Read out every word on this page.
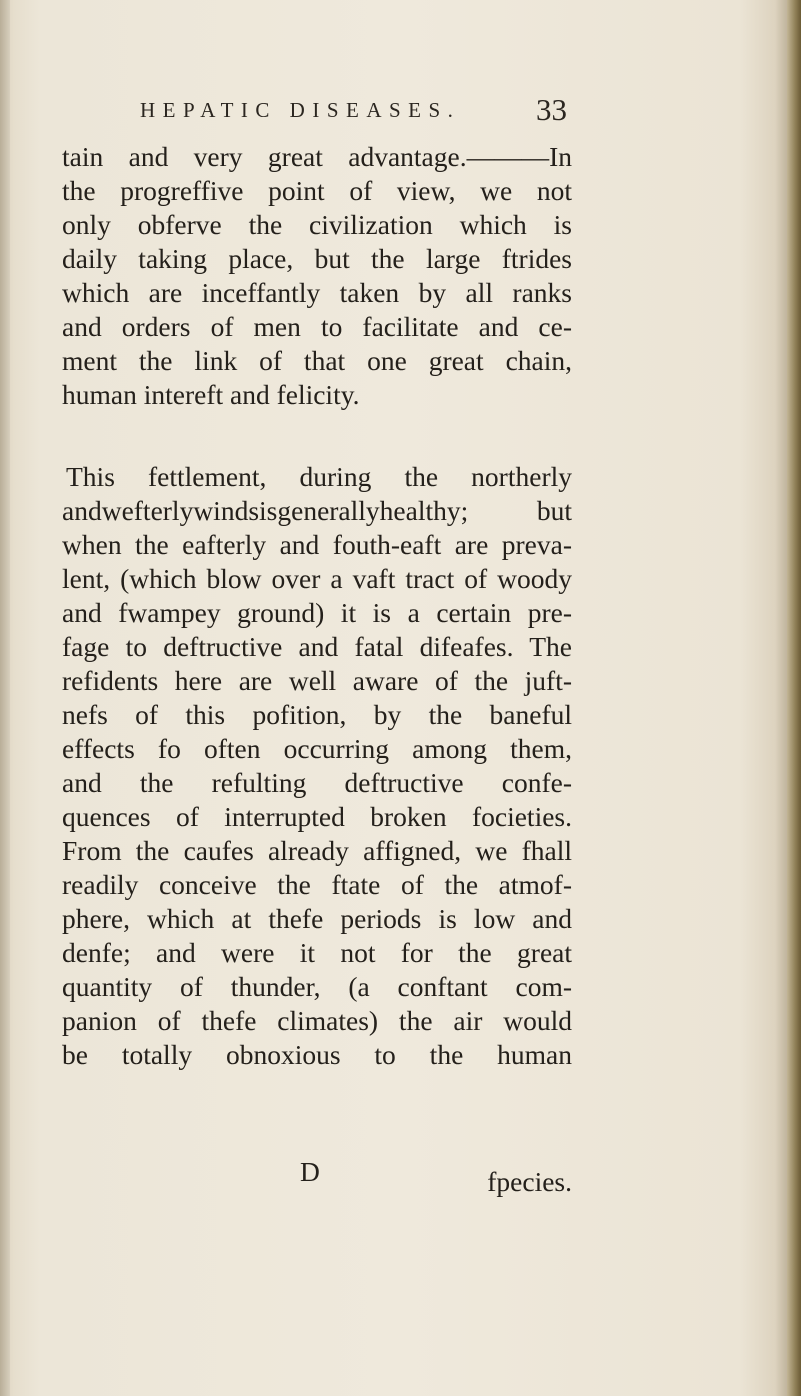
HEPATIC DISEASES. 33
tain and very great advantage.———In
the progreffive point of view, we not
only obferve the civilization which is
daily taking place, but the large ftrides
which are inceffantly taken by all ranks
and orders of men to facilitate and ce-
ment the link of that one great chain,
human intereft and felicity.
This fettlement, during the northerly
andwefterlywindsisgenerallyhealthy; but
when the eafterly and fouth-eaft are preva-
lent, (which blow over a vaft tract of woody
and fwampey ground) it is a certain pre-
fage to deftructive and fatal difeafes. The
refidents here are well aware of the juft-
nefs of this pofition, by the baneful
effects fo often occurring among them,
and the refulting deftructive confe-
quences of interrupted broken focieties.
From the caufes already affigned, we fhall
readily conceive the ftate of the atmof-
phere, which at thefe periods is low and
denfe; and were it not for the great
quantity of thunder, (a conftant com-
panion of thefe climates) the air would
be totally obnoxious to the human
D	fpecies.
